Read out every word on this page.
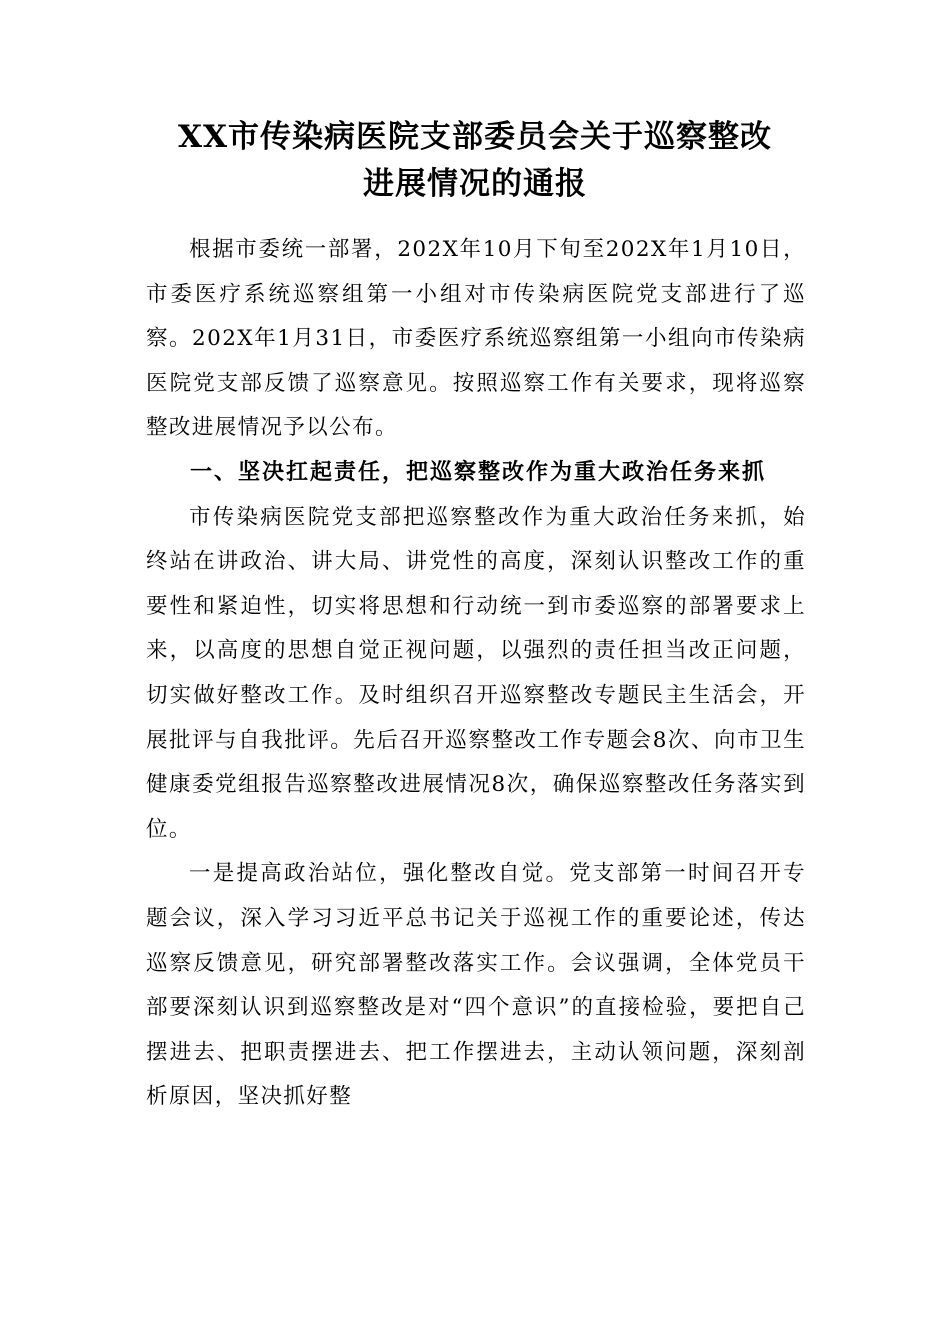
XX市传染病医院支部委员会关于巡察整改
进展情况的通报

根据市委统一部署，202X年10月下旬至202X年1月10日，市委医疗系统巡察组第一小组对市传染病医院党支部进行了巡察。202X年1月31日，市委医疗系统巡察组第一小组向市传染病医院党支部反馈了巡察意见。按照巡察工作有关要求，现将巡察整改进展情况予以公布。

一、坚决扛起责任，把巡察整改作为重大政治任务来抓

市传染病医院党支部把巡察整改作为重大政治任务来抓，始终站在讲政治、讲大局、讲党性的高度，深刻认识整改工作的重要性和紧迫性，切实将思想和行动统一到市委巡察的部署要求上来，以高度的思想自觉正视问题，以强烈的责任担当改正问题，切实做好整改工作。及时组织召开巡察整改专题民主生活会，开展批评与自我批评。先后召开巡察整改工作专题会8次、向市卫生健康委党组报告巡察整改进展情况8次，确保巡察整改任务落实到位。

一是提高政治站位，强化整改自觉。党支部第一时间召开专题会议，深入学习习近平总书记关于巡视工作的重要论述，传达巡察反馈意见，研究部署整改落实工作。会议强调，全体党员干部要深刻认识到巡察整改是对“四个意识”的直接检验，要把自己摆进去、把职责摆进去、把工作摆进去，主动认领问题，深刻剖析原因，坚决抓好整
